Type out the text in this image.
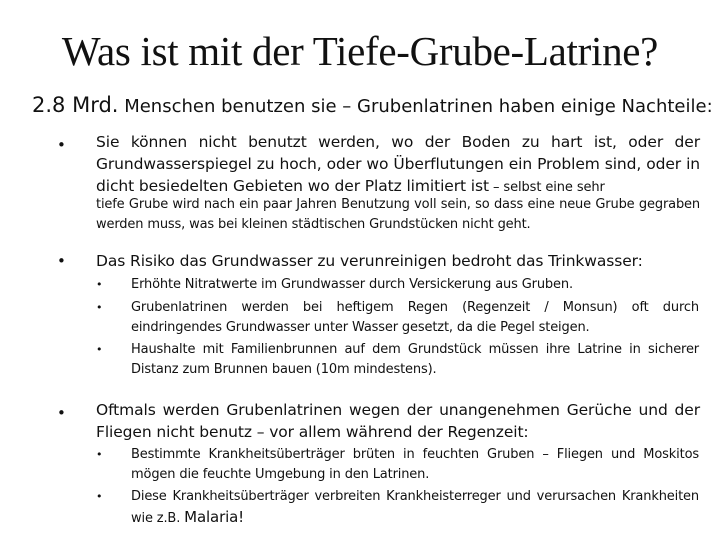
Was ist mit der Tiefe-Grube-Latrine?
2.8 Mrd. Menschen benutzen sie – Grubenlatrinen haben einige Nachteile:
• Sie können nicht benutzt werden, wo der Boden zu hart ist, oder der Grundwasserspiegel zu hoch, oder wo Überflutungen ein Problem sind, oder in dicht besiedelten Gebieten wo der Platz limitiert ist – selbst eine sehr
tiefe Grube wird nach ein paar Jahren Benutzung voll sein, so dass eine neue Grube gegraben werden muss, was bei kleinen städtischen Grundstücken nicht geht.
• Das Risiko das Grundwasser zu verunreinigen bedroht das Trinkwasser:
• Erhöhte Nitratwerte im Grundwasser durch Versickerung aus Gruben.
• Grubenlatrinen werden bei heftigem Regen (Regenzeit / Monsun) oft durch eindringendes Grundwasser unter Wasser gesetzt, da die Pegel steigen.
• Haushalte mit Familienbrunnen auf dem Grundstück müssen ihre Latrine in sicherer Distanz zum Brunnen bauen (10m mindestens).
• Oftmals werden Grubenlatrinen wegen der unangenehmen Gerüche und der Fliegen nicht benutz – vor allem während der Regenzeit:
• Bestimmte Krankheitsüberträger brüten in feuchten Gruben – Fliegen und Moskitos mögen die feuchte Umgebung in den Latrinen.
• Diese Krankheitsüberträger verbreiten Krankheisterreger und verursachen Krankheiten wie z.B. Malaria!
